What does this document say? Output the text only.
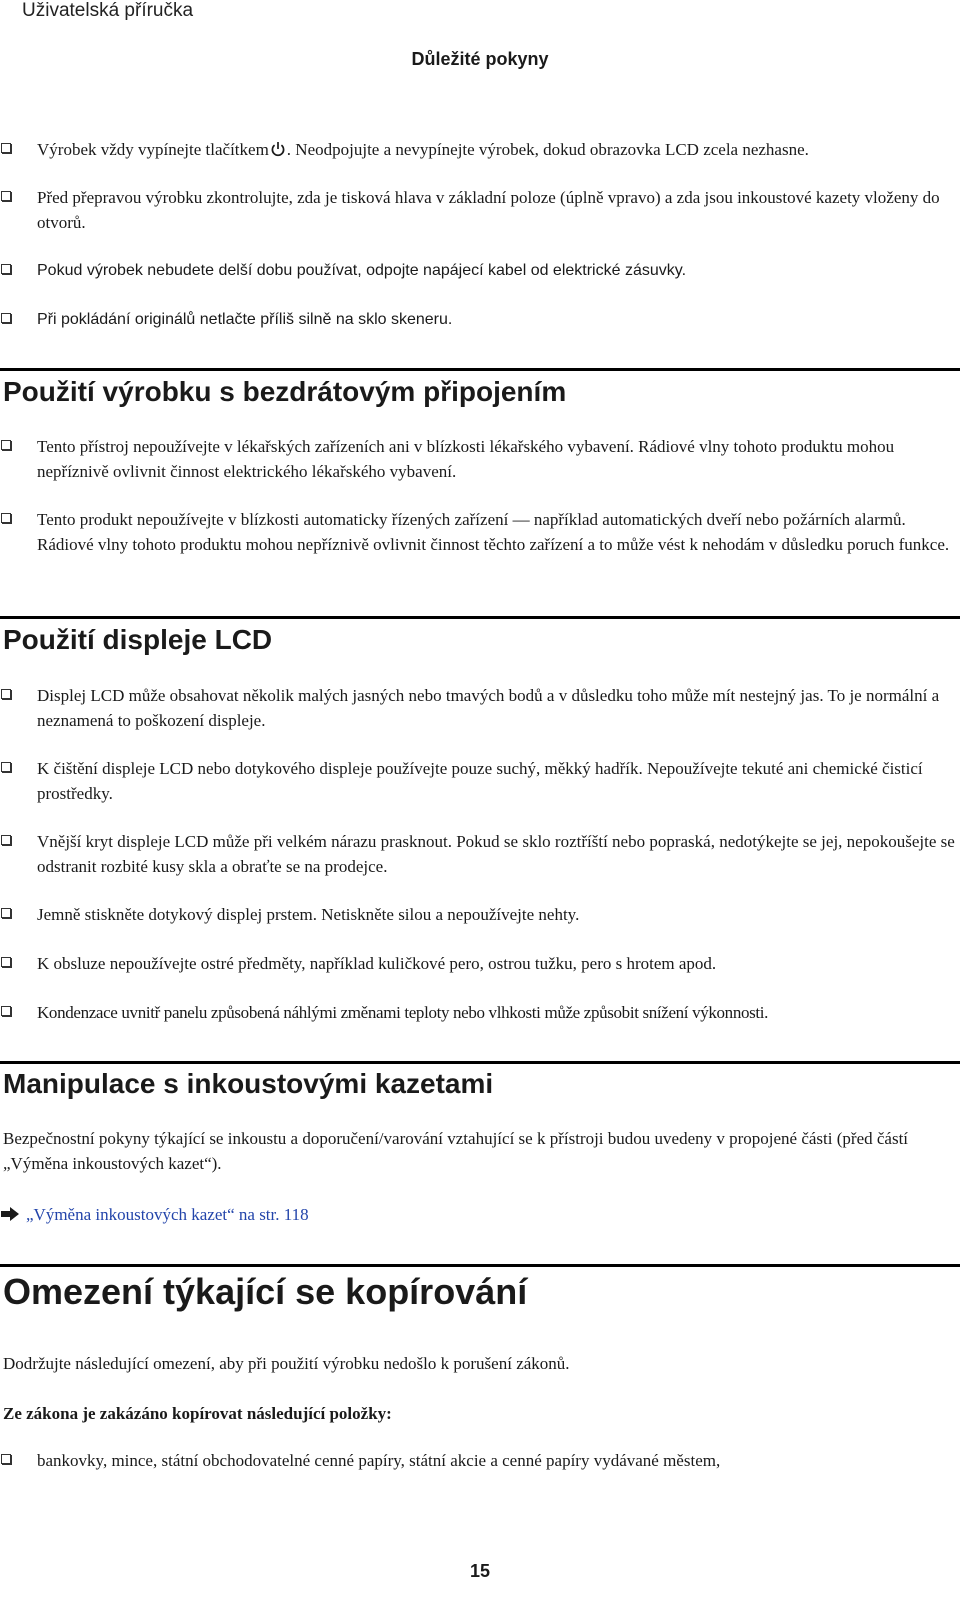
Uživatelská příručka
Důležité pokyny
Výrobek vždy vypínejte tlačítkem . Neodpojujte a nevypínejte výrobek, dokud obrazovka LCD zcela nezhasne.
Před přepravou výrobku zkontrolujte, zda je tisková hlava v základní poloze (úplně vpravo) a zda jsou inkoustové kazety vloženy do otvorů.
Pokud výrobek nebudete delší dobu používat, odpojte napájecí kabel od elektrické zásuvky.
Při pokládání originálů netlačte příliš silně na sklo skeneru.
Použití výrobku s bezdrátovým připojením
Tento přístroj nepoužívejte v lékařských zařízeních ani v blízkosti lékařského vybavení. Rádiové vlny tohoto produktu mohou nepříznivě ovlivnit činnost elektrického lékařského vybavení.
Tento produkt nepoužívejte v blízkosti automaticky řízených zařízení — například automatických dveří nebo požárních alarmů. Rádiové vlny tohoto produktu mohou nepříznivě ovlivnit činnost těchto zařízení a to může vést k nehodám v důsledku poruch funkce.
Použití displeje LCD
Displej LCD může obsahovat několik malých jasných nebo tmavých bodů a v důsledku toho může mít nestejný jas. To je normální a neznamená to poškození displeje.
K čištění displeje LCD nebo dotykového displeje používejte pouze suchý, měkký hadřík. Nepoužívejte tekuté ani chemické čisticí prostředky.
Vnější kryt displeje LCD může při velkém nárazu prasknout. Pokud se sklo roztříští nebo popraská, nedotýkejte se jej, nepokoušejte se odstranit rozbité kusy skla a obraťte se na prodejce.
Jemně stiskněte dotykový displej prstem. Netiskněte silou a nepoužívejte nehty.
K obsluze nepoužívejte ostré předměty, například kuličkové pero, ostrou tužku, pero s hrotem apod.
Kondenzace uvnitř panelu způsobená náhlými změnami teploty nebo vlhkosti může způsobit snížení výkonnosti.
Manipulace s inkoustovými kazetami
Bezpečnostní pokyny týkající se inkoustu a doporučení/varování vztahující se k přístroji budou uvedeny v propojené části (před částí „Výměna inkoustových kazet“).
„Výměna inkoustových kazet“ na str. 118
Omezení týkající se kopírování
Dodržujte následující omezení, aby při použití výrobku nedošlo k porušení zákonů.
Ze zákona je zakázáno kopírovat následující položky:
bankovky, mince, státní obchodovatelné cenné papíry, státní akcie a cenné papíry vydávané městem,
15
